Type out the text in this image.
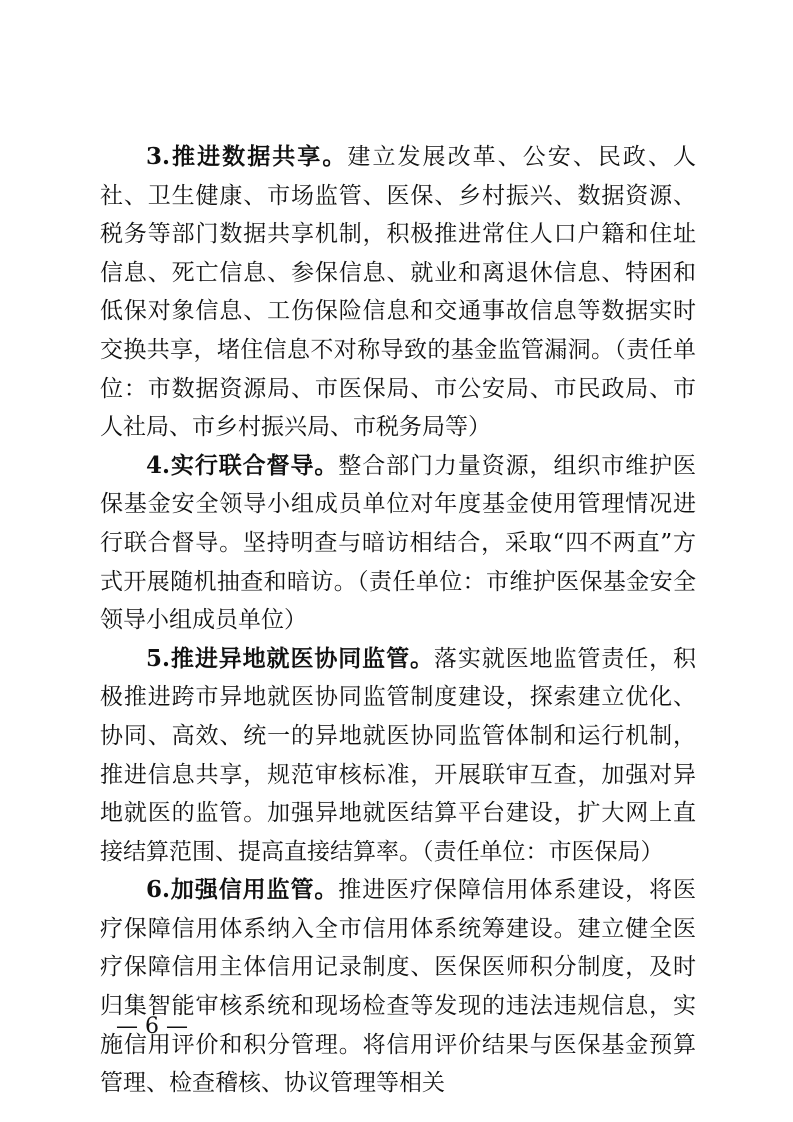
3.推进数据共享。建立发展改革、公安、民政、人社、卫生健康、市场监管、医保、乡村振兴、数据资源、税务等部门数据共享机制，积极推进常住人口户籍和住址信息、死亡信息、参保信息、就业和离退休信息、特困和低保对象信息、工伤保险信息和交通事故信息等数据实时交换共享，堵住信息不对称导致的基金监管漏洞。（责任单位：市数据资源局、市医保局、市公安局、市民政局、市人社局、市乡村振兴局、市税务局等）

4.实行联合督导。整合部门力量资源，组织市维护医保基金安全领导小组成员单位对年度基金使用管理情况进行联合督导。坚持明查与暗访相结合，采取“四不两直”方式开展随机抽查和暗访。（责任单位：市维护医保基金安全领导小组成员单位）

5.推进异地就医协同监管。落实就医地监管责任，积极推进跨市异地就医协同监管制度建设，探索建立优化、协同、高效、统一的异地就医协同监管体制和运行机制，推进信息共享，规范审核标准，开展联审互查，加强对异地就医的监管。加强异地就医结算平台建设，扩大网上直接结算范围、提高直接结算率。（责任单位：市医保局）

6.加强信用监管。推进医疗保障信用体系建设，将医疗保障信用体系纳入全市信用体系统筹建设。建立健全医疗保障信用主体信用记录制度、医保医师积分制度，及时归集智能审核系统和现场检查等发现的违法违规信息，实施信用评价和积分管理。将信用评价结果与医保基金预算管理、检查稽核、协议管理等相关

— 6 —
